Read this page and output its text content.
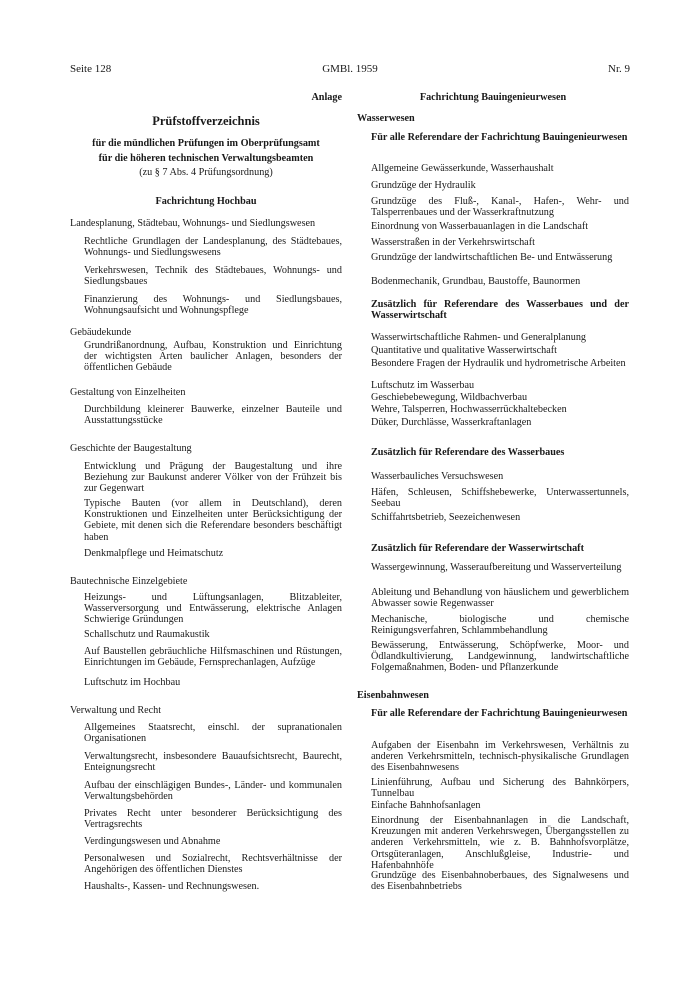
Seite 128	GMBl. 1959	Nr. 9
Anlage
Prüfstoffverzeichnis
für die mündlichen Prüfungen im Oberprüfungsamt
für die höheren technischen Verwaltungsbeamten
(zu § 7 Abs. 4 Prüfungsordnung)
Fachrichtung Hochbau
Landesplanung, Städtebau, Wohnungs- und Siedlungswesen
Rechtliche Grundlagen der Landesplanung, des Städtebaues, Wohnungs- und Siedlungswesens
Verkehrswesen, Technik des Städtebaues, Wohnungs- und Siedlungsbaues
Finanzierung des Wohnungs- und Siedlungsbaues, Wohnungsaufsicht und Wohnungspflege
Gebäudekunde
Grundrißanordnung, Aufbau, Konstruktion und Einrichtung der wichtigsten Arten baulicher Anlagen, besonders der öffentlichen Gebäude
Gestaltung von Einzelheiten
Durchbildung kleinerer Bauwerke, einzelner Bauteile und Ausstattungsstücke
Geschichte der Baugestaltung
Entwicklung und Prägung der Baugestaltung und ihre Beziehung zur Baukunst anderer Völker von der Frühzeit bis zur Gegenwart
Typische Bauten (vor allem in Deutschland), deren Konstruktionen und Einzelheiten unter Berücksichtigung der Gebiete, mit denen sich die Referendare besonders beschäftigt haben
Denkmalpflege und Heimatschutz
Bautechnische Einzelgebiete
Heizungs- und Lüftungsanlagen, Blitzableiter, Wasserversorgung und Entwässerung, elektrische Anlagen Schwierige Gründungen
Schallschutz und Raumakustik
Auf Baustellen gebräuchliche Hilfsmaschinen und Rüstungen, Einrichtungen im Gebäude, Fernsprechanlagen, Aufzüge
Luftschutz im Hochbau
Verwaltung und Recht
Allgemeines Staatsrecht, einschl. der supranationalen Organisationen
Verwaltungsrecht, insbesondere Bauaufsichtsrecht, Baurecht, Enteignungsrecht
Aufbau der einschlägigen Bundes-, Länder- und kommunalen Verwaltungsbehörden
Privates Recht unter besonderer Berücksichtigung des Vertragsrechts
Verdingungswesen und Abnahme
Personalwesen und Sozialrecht, Rechtsverhältnisse der Angehörigen des öffentlichen Dienstes
Haushalts-, Kassen- und Rechnungswesen.
Fachrichtung Bauingenieurwesen
Wasserwesen
Für alle Referendare der Fachrichtung Bauingenieurwesen
Allgemeine Gewässerkunde, Wasserhaushalt
Grundzüge der Hydraulik
Grundzüge des Fluß-, Kanal-, Hafen-, Wehr- und Talsperrenbaues und der Wasserkraftnutzung
Einordnung von Wasserbauanlagen in die Landschaft
Wasserstraßen in der Verkehrswirtschaft
Grundzüge der landwirtschaftlichen Be- und Entwässerung
Bodenmechanik, Grundbau, Baustoffe, Baunormen
Zusätzlich für Referendare des Wasserbaues und der Wasserwirtschaft
Wasserwirtschaftliche Rahmen- und Generalplanung
Quantitative und qualitative Wasserwirtschaft
Besondere Fragen der Hydraulik und hydrometrische Arbeiten
Luftschutz im Wasserbau
Geschiebebewegung, Wildbachverbau
Wehre, Talsperren, Hochwasserrückhaltebecken
Düker, Durchlässe, Wasserkraftanlagen
Zusätzlich für Referendare des Wasserbaues
Wasserbauliches Versuchswesen
Häfen, Schleusen, Schiffshebewerke, Unterwassertunnels, Seebau
Schiffahrtsbetrieb, Seezeichenwesen
Zusätzlich für Referendare der Wasserwirtschaft
Wassergewinnung, Wasseraufbereitung und Wasserverteilung
Ableitung und Behandlung von häuslichem und gewerblichem Abwasser sowie Regenwasser
Mechanische, biologische und chemische Reinigungsverfahren, Schlammbehandlung
Bewässerung, Entwässerung, Schöpfwerke, Moor- und Ödlandkultivierung, Landgewinnung, landwirtschaftliche Folgemaßnahmen, Boden- und Pflanzerkunde
Eisenbahnwesen
Für alle Referendare der Fachrichtung Bauingenieurwesen
Aufgaben der Eisenbahn im Verkehrswesen, Verhältnis zu anderen Verkehrsmitteln, technisch-physikalische Grundlagen des Eisenbahnwesens
Linienführung, Aufbau und Sicherung des Bahnkörpers, Tunnelbau
Einfache Bahnhofsanlagen
Einordnung der Eisenbahnanlagen in die Landschaft, Kreuzungen mit anderen Verkehrswegen, Übergangsstellen zu anderen Verkehrsmitteln, wie z. B. Bahnhofsvorplätze, Ortsgüteranlagen, Anschlußgleise, Industrie- und Hafenbahnhöfe
Grundzüge des Eisenbahnoberbaues, des Signalwesens und des Eisenbahnbetriebs
